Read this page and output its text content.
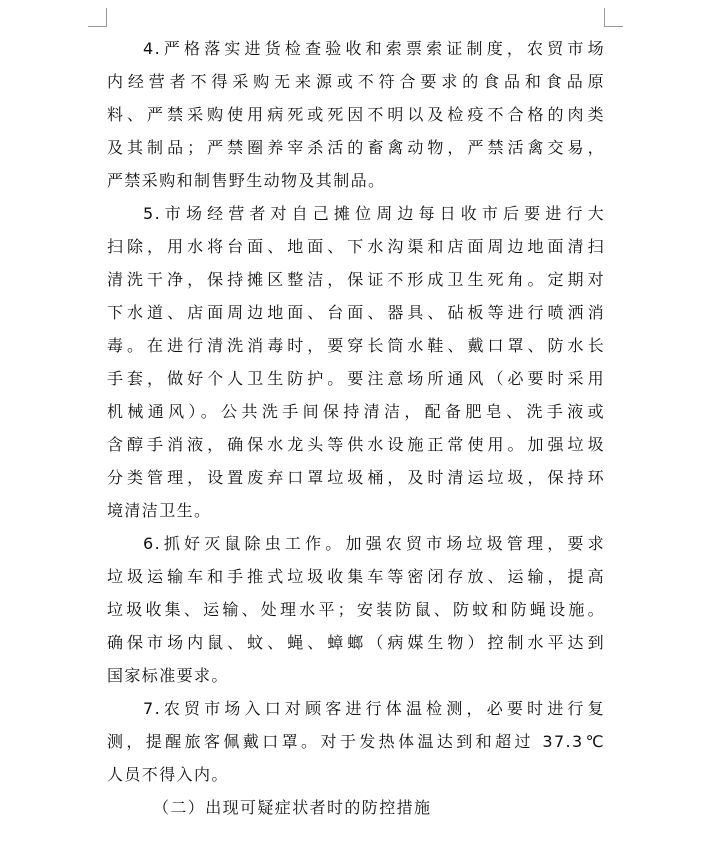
4.严格落实进货检查验收和索票索证制度，农贸市场
内经营者不得采购无来源或不符合要求的食品和食品原
料、严禁采购使用病死或死因不明以及检疫不合格的肉类
及其制品；严禁圈养宰杀活的畜禽动物，严禁活禽交易，
严禁采购和制售野生动物及其制品。

5.市场经营者对自己摊位周边每日收市后要进行大
扫除，用水将台面、地面、下水沟渠和店面周边地面清扫
清洗干净，保持摊区整洁，保证不形成卫生死角。定期对
下水道、店面周边地面、台面、器具、砧板等进行喷洒消
毒。在进行清洗消毒时，要穿长筒水鞋、戴口罩、防水长
手套，做好个人卫生防护。要注意场所通风（必要时采用
机械通风）。公共洗手间保持清洁，配备肥皂、洗手液或
含醇手消液，确保水龙头等供水设施正常使用。加强垃圾
分类管理，设置废弃口罩垃圾桶，及时清运垃圾，保持环
境清洁卫生。

6.抓好灭鼠除虫工作。加强农贸市场垃圾管理，要求
垃圾运输车和手推式垃圾收集车等密闭存放、运输，提高
垃圾收集、运输、处理水平；安装防鼠、防蚊和防蝇设施。
确保市场内鼠、蚊、蝇、蟑螂（病媒生物）控制水平达到
国家标准要求。

7.农贸市场入口对顾客进行体温检测，必要时进行复
测，提醒旅客佩戴口罩。对于发热体温达到和超过 37.3℃
人员不得入内。

（二）出现可疑症状者时的防控措施
